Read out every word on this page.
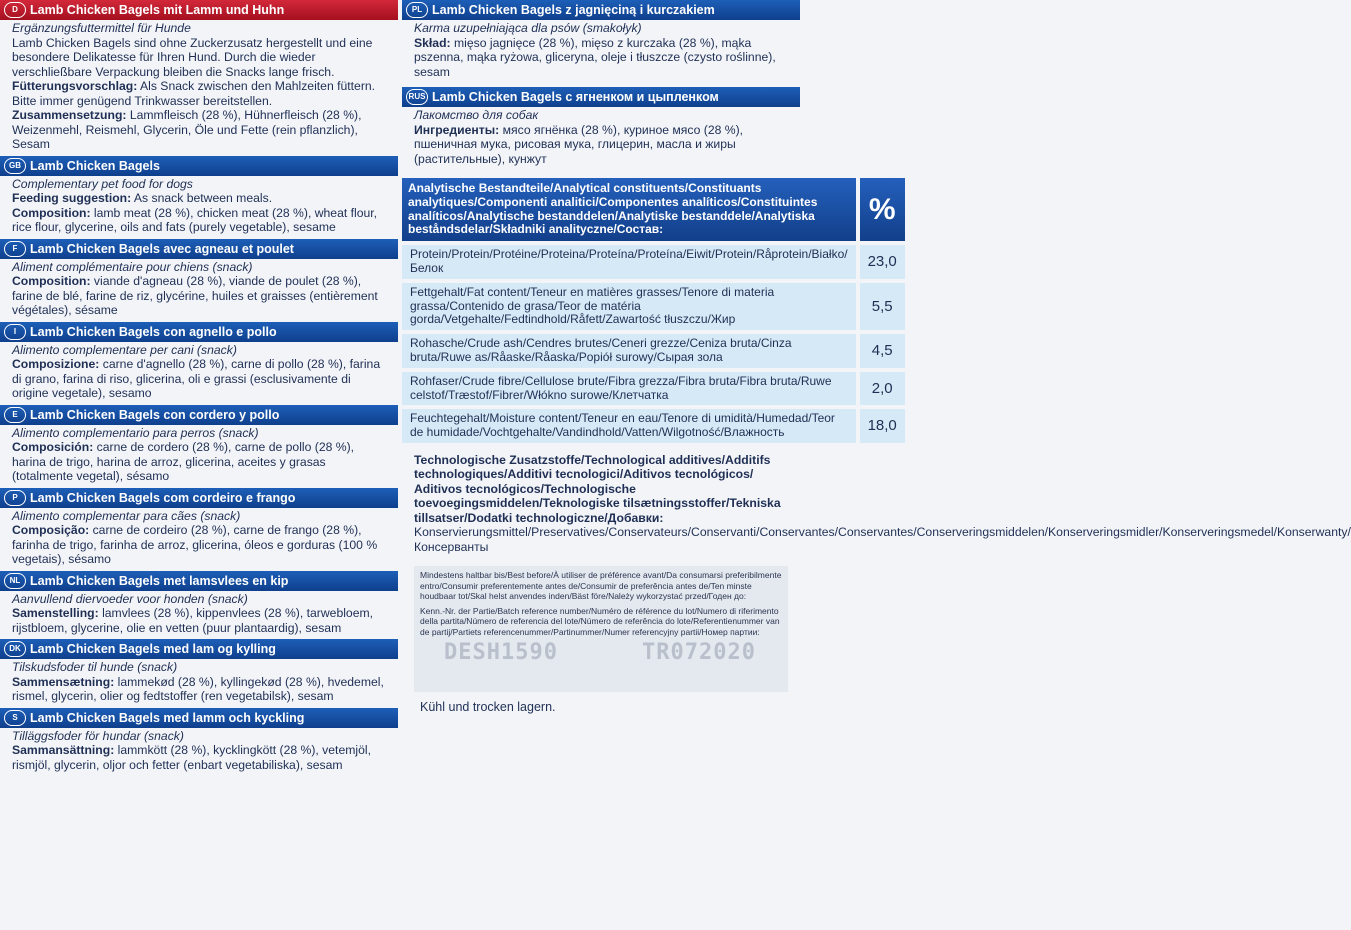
D Lamb Chicken Bagels mit Lamm und Huhn
Ergänzungsfuttermittel für Hunde
Lamb Chicken Bagels sind ohne Zuckerzusatz hergestellt und eine besondere Delikatesse für Ihren Hund. Durch die wieder verschließbare Verpackung bleiben die Snacks lange frisch.
Fütterungsvorschlag: Als Snack zwischen den Mahlzeiten füttern. Bitte immer genügend Trinkwasser bereitstellen.
Zusammensetzung: Lammfleisch (28 %), Hühnerfleisch (28 %), Weizenmehl, Reismehl, Glycerin, Öle und Fette (rein pflanzlich), Sesam
GB Lamb Chicken Bagels
Complementary pet food for dogs
Feeding suggestion: As snack between meals.
Composition: lamb meat (28 %), chicken meat (28 %), wheat flour, rice flour, glycerine, oils and fats (purely vegetable), sesame
F	Lamb Chicken Bagels avec agneau et poulet
Aliment complémentaire pour chiens (snack)
Composition: viande d'agneau (28 %), viande de poulet (28 %), farine de blé, farine de riz, glycérine, huiles et graisses (entièrement végétales), sésame
I	Lamb Chicken Bagels con agnello e pollo
Alimento complementare per cani (snack)
Composizione: carne d'agnello (28 %), carne di pollo (28 %), farina di grano, farina di riso, glicerina, oli e grassi (esclusivamente di origine vegetale), sesamo
E Lamb Chicken Bagels con cordero y pollo
Alimento complementario para perros (snack)
Composición: carne de cordero (28 %), carne de pollo (28 %), harina de trigo, harina de arroz, glicerina, aceites y grasas (totalmente vegetal), sésamo
P Lamb Chicken Bagels com cordeiro e frango
Alimento complementar para cães (snack)
Composição: carne de cordeiro (28 %), carne de frango (28 %), farinha de trigo, farinha de arroz, glicerina, óleos e gorduras (100 % vegetais), sésamo
NL Lamb Chicken Bagels met lamsvlees en kip
Aanvullend diervoeder voor honden (snack)
Samenstelling: lamvlees (28 %), kippenvlees (28 %), tarwebloem, rijstbloem, glycerine, olie en vetten (puur plantaardig), sesam
DK Lamb Chicken Bagels med lam og kylling
Tilskudsfoder til hunde (snack)
Sammensætning: lammekød (28 %), kyllingekød (28 %), hvedemel, rismel, glycerin, olier og fedtstoffer (ren vegetabilsk), sesam
S Lamb Chicken Bagels med lamm och kyckling
Tilläggsfoder för hundar (snack)
Sammansättning: lammkött (28 %), kycklingkött (28 %), vetemjöl, rismjöl, glycerin, oljor och fetter (enbart vegetabiliska), sesam
PL Lamb Chicken Bagels z jagnięciną i kurczakiem
Karma uzupełniająca dla psów (smakołyk)
Skład: mięso jagnięce (28 %), mięso z kurczaka (28 %), mąka pszenna, mąka ryżowa, gliceryna, oleje i tłuszcze (czysto roślinne), sesam
RUS Lamb Chicken Bagels с ягненком и цыпленком
Лакомство для собак
Ингредиенты: мясо ягнёнка (28 %), куриное мясо (28 %), пшеничная мука, рисовая мука, глицерин, масла и жиры (растительные), кунжут
Analytische Bestandteile/Analytical constituents/Constituants analytiques/Componenti analitici/Componentes analíticos/Constituintes analíticos/Analytische bestanddelen/Analytiske bestanddele/Analytiska beståndsdelar/Składniki analityczne/Состав:	%
Protein/Protein/Protéine/Proteina/Proteína/Proteína/Eiwit/Protein/Råprotein/Białko/Белок	23,0
Fettgehalt/Fat content/Teneur en matières grasses/Tenore di materia grassa/Contenido de grasa/Teor de matéria gorda/Vetgehalte/Fedtindhold/Råfett/Zawartość tłuszczu/Жир	5,5
Rohasche/Crude ash/Cendres brutes/Ceneri grezze/Ceniza bruta/Cinza bruta/Ruwe as/Råaske/Råaska/Popiół surowy/Сырая зола	4,5
Rohfaser/Crude fibre/Cellulose brute/Fibra grezza/Fibra bruta/Fibra bruta/Ruwe celstof/Træstof/Fibrer/Włókno surowe/Клетчатка	2,0
Feuchtegehalt/Moisture content/Teneur en eau/Tenore di umidità/Humedad/Teor de humidade/Vochtgehalte/Vandindhold/Vatten/Wilgotność/Влажность	18,0
Technologische Zusatzstoffe/Technological additives/Additifs technologiques/Additivi tecnologici/Aditivos tecnológicos/ Aditivos tecnológicos/Technologische toevoegingsmiddelen/Teknologiske tilsætningsstoffer/Tekniska tillsatser/Dodatki technologiczne/Добавки:
Konservierungsmittel/Preservatives/Conservateurs/Conservanti/Conservantes/Conservantes/Conserveringsmiddelen/Konserveringsmidler/Konserveringsmedel/Konserwanty/Консерванты
Mindestens haltbar bis/Best before/À utiliser de préférence avant/Da consumarsi preferibilmente entro/Consumir preferentemente antes de/Consumir de preferência antes de/Ten minste houdbaar tot/Skal helst anvendes inden/Bäst före/Należy wykorzystać przed/Годен до:
Kenn.-Nr. der Partie/Batch reference number/Numéro de référence du lot/Numero di riferimento della partita/Número de referencia del lote/Número de referência do lote/Referentienummer van de partij/Partiets referencenummer/Partinummer/Numer referencyjny partii/Номер партии:
DESH1590	TR072020
Kühl und trocken lagern.
